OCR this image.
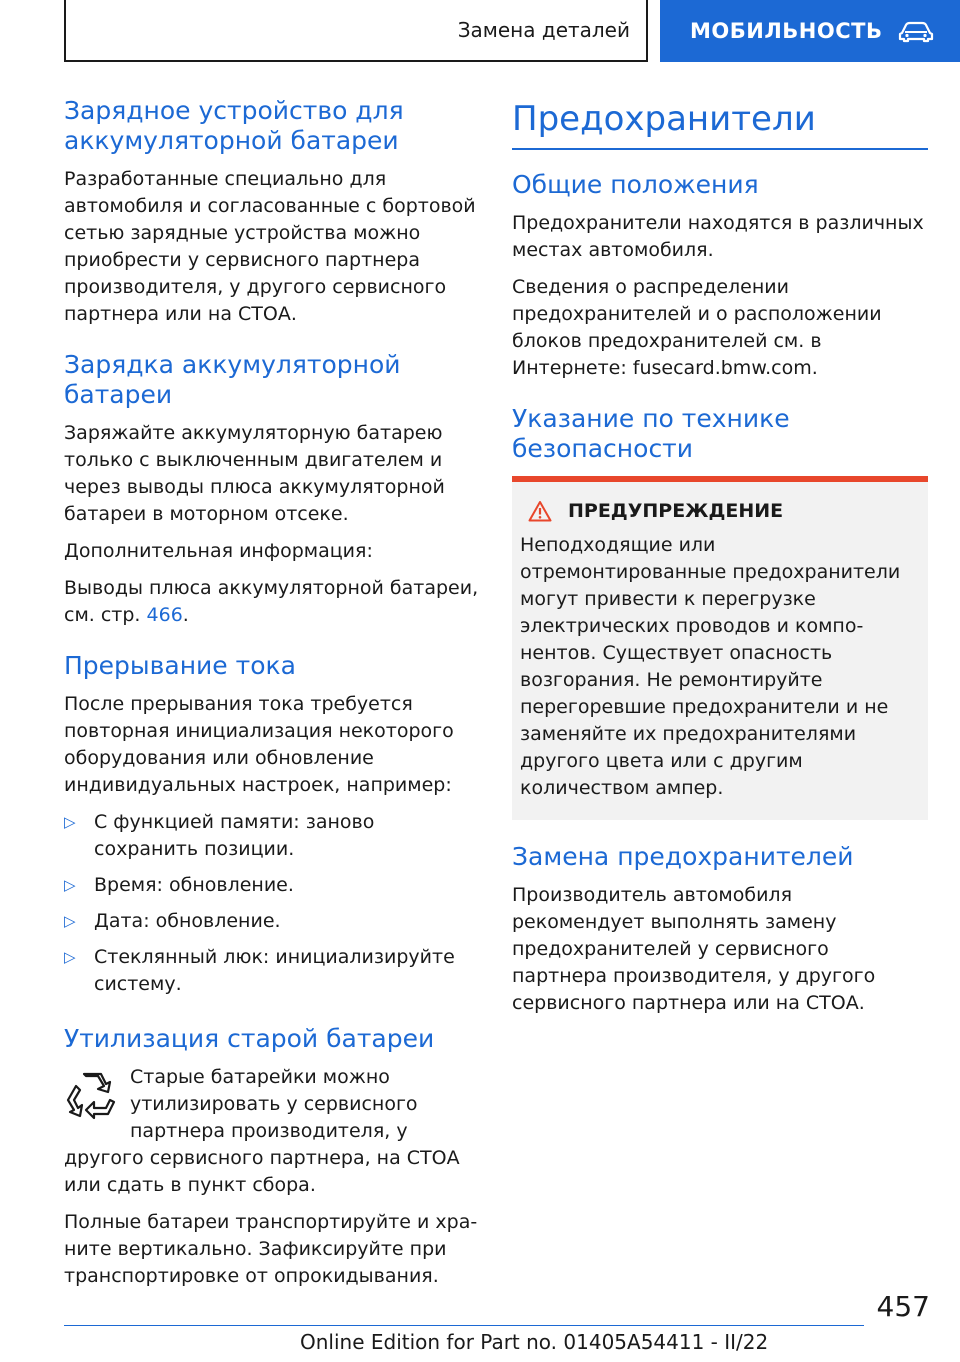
Замена деталей	МОБИЛЬНОСТЬ
Зарядное устройство для аккумуляторной батареи

Разработанные специально для автомобиля и согласованные с бортовой сетью зарядные устройства можно приобрести у сервисного партнера производителя, у другого сервисного партнера или на СТОА.

Зарядка аккумуляторной батареи

Заряжайте аккумуляторную батарею только с выключенным двигателем и через выводы плюса аккумуляторной батареи в моторном отсеке.

Дополнительная информация:

Выводы плюса аккумуляторной батареи, см. стр. 466.

Прерывание тока

После прерывания тока требуется повторная инициализация некоторого оборудования или обновление индивидуальных настроек, например:

▷ С функцией памяти: заново сохранить позиции.
▷ Время: обновление.
▷ Дата: обновление.
▷ Стеклянный люк: инициализируйте систему.
Утилизация старой батареи

Старые батарейки можно утилизировать у сервисного партнера производителя, у другого сервисного партнера, на СТОА или сдать в пункт сбора.

Полные батареи транспортируйте и храните вертикально. Зафиксируйте при транспортировке от опрокидывания.

Предохранители
Общие положения

Предохранители находятся в различных местах автомобиля.

Сведения о распределении предохранителей и о расположении блоков предохранителей см. в Интернете: fusecard.bmw.com.

Указание по технике безопасности
ПРЕДУПРЕЖДЕНИЕ

Неподходящие или отремонтированные предохранители могут привести к перегрузке электрических проводов и компонентов. Существует опасность возгорания. Не ремонтируйте перегоревшие предохранители и не заменяйте их предохранителями другого цвета или с другим количеством ампер.

Замена предохранителей

Производитель автомобиля рекомендует выполнять замену предохранителей у сервисного партнера производителя, у другого сервисного партнера или на СТОА.

457
Online Edition for Part no. 01405A54411 - II/22
